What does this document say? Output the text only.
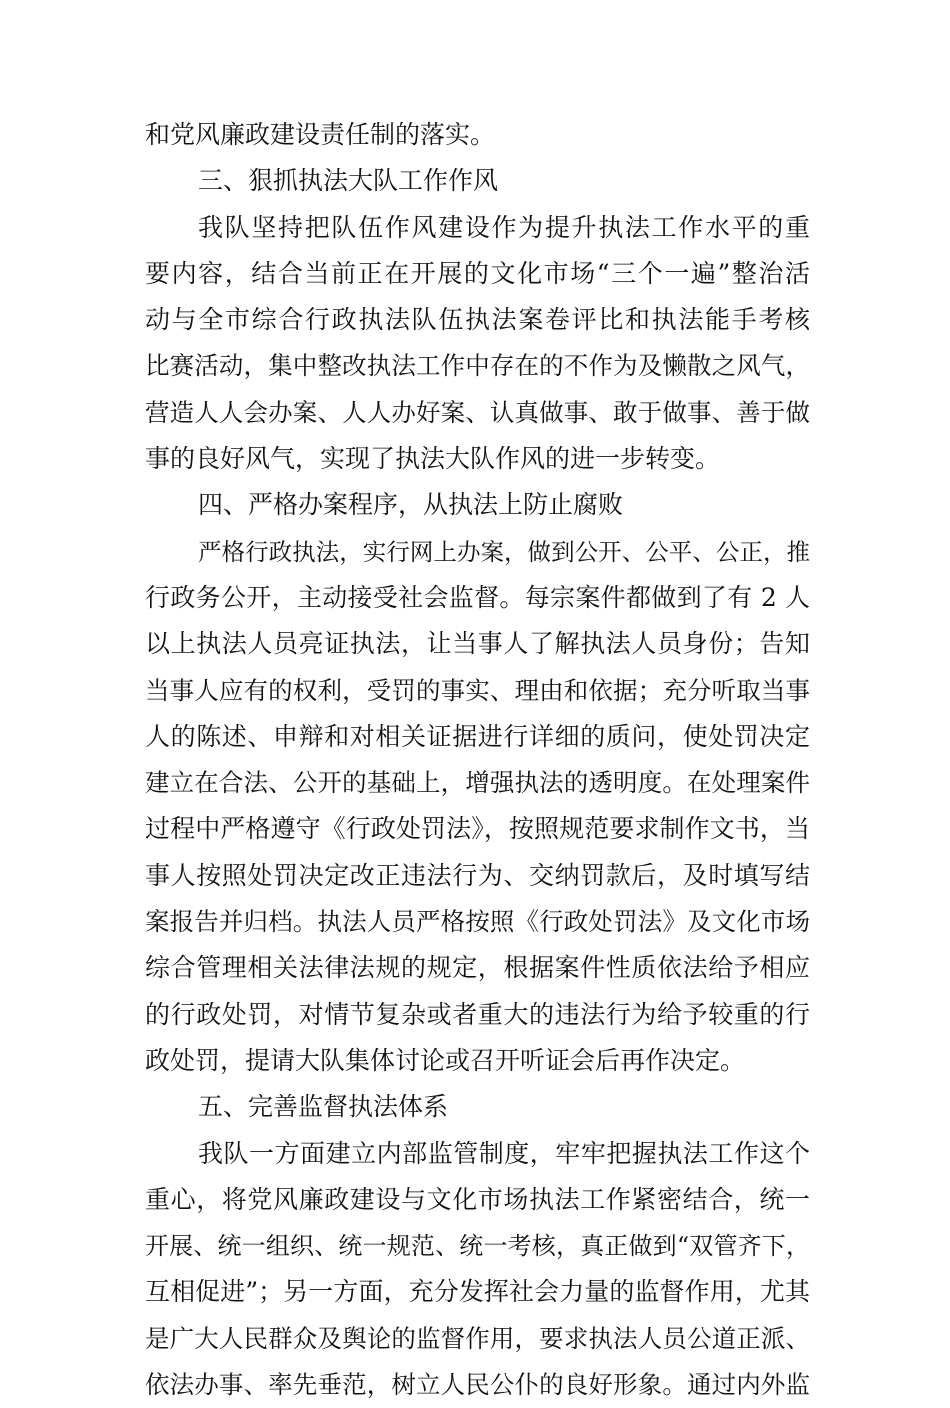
和党风廉政建设责任制的落实。
三、狠抓执法大队工作作风
我队坚持把队伍作风建设作为提升执法工作水平的重
要内容，结合当前正在开展的文化市场“三个一遍”整治活
动与全市综合行政执法队伍执法案卷评比和执法能手考核
比赛活动，集中整改执法工作中存在的不作为及懒散之风气，
营造人人会办案、人人办好案、认真做事、敢于做事、善于做
事的良好风气，实现了执法大队作风的进一步转变。
四、严格办案程序，从执法上防止腐败
严格行政执法，实行网上办案，做到公开、公平、公正，推
行政务公开，主动接受社会监督。每宗案件都做到了有 2 人
以上执法人员亮证执法，让当事人了解执法人员身份；告知
当事人应有的权利，受罚的事实、理由和依据；充分听取当事
人的陈述、申辩和对相关证据进行详细的质问，使处罚决定
建立在合法、公开的基础上，增强执法的透明度。在处理案件
过程中严格遵守《行政处罚法》，按照规范要求制作文书，当
事人按照处罚决定改正违法行为、交纳罚款后，及时填写结
案报告并归档。执法人员严格按照《行政处罚法》及文化市场
综合管理相关法律法规的规定，根据案件性质依法给予相应
的行政处罚，对情节复杂或者重大的违法行为给予较重的行
政处罚，提请大队集体讨论或召开听证会后再作决定。
五、完善监督执法体系
我队一方面建立内部监管制度，牢牢把握执法工作这个
重心，将党风廉政建设与文化市场执法工作紧密结合，统一
开展、统一组织、统一规范、统一考核，真正做到“双管齐下，
互相促进”；另一方面，充分发挥社会力量的监督作用，尤其
是广大人民群众及舆论的监督作用，要求执法人员公道正派、
依法办事、率先垂范，树立人民公仆的良好形象。通过内外监
